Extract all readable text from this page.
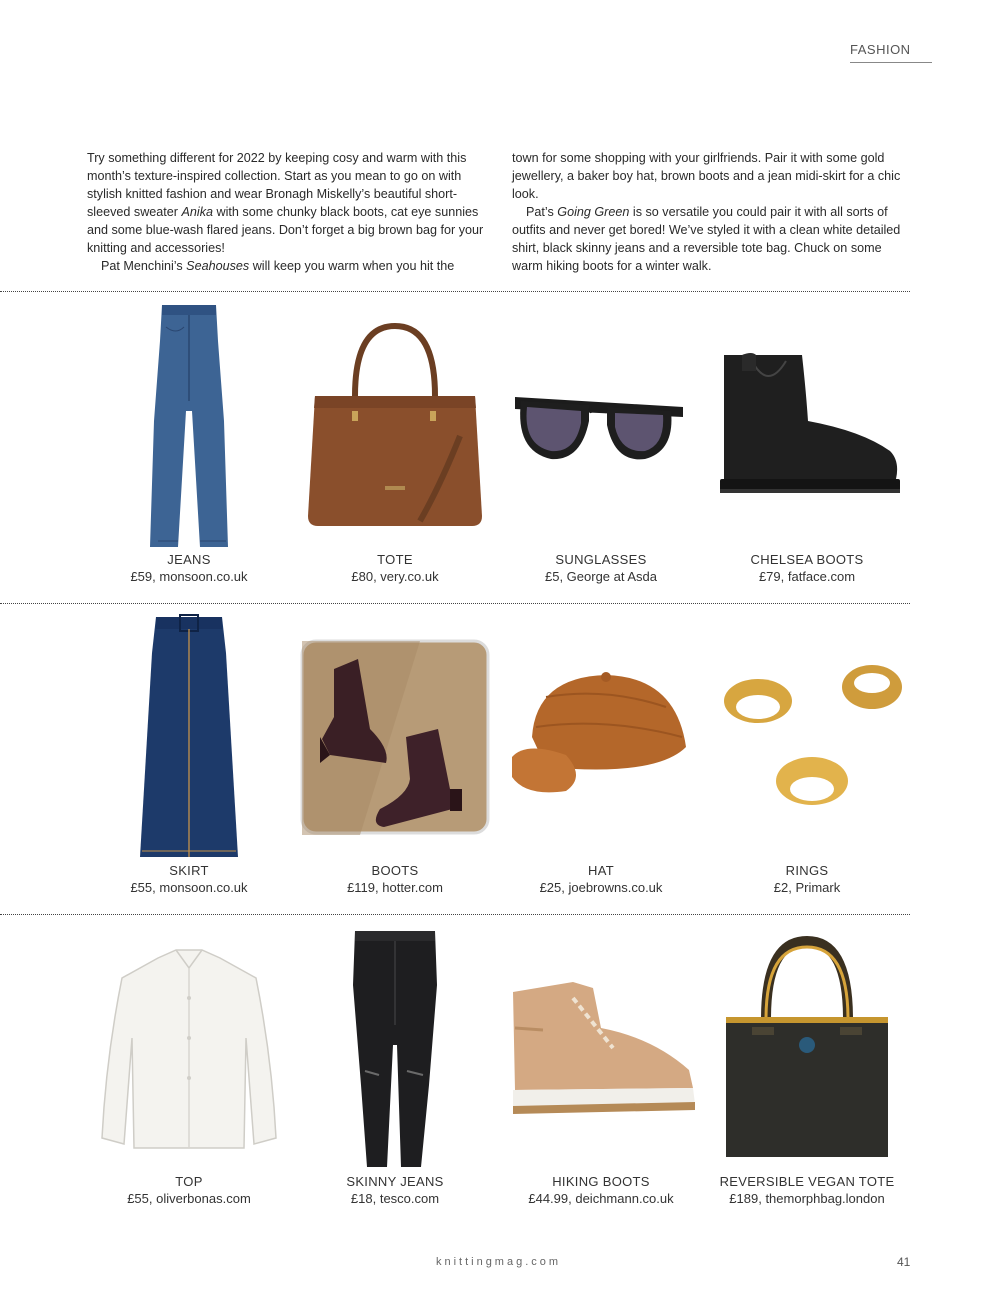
FASHION

Try something different for 2022 by keeping cosy and warm with this month’s texture-inspired collection. Start as you mean to go on with stylish knitted fashion and wear Bronagh Miskelly’s beautiful short-sleeved sweater Anika with some chunky black boots, cat eye sunnies and some blue-wash flared jeans. Don’t forget a big brown bag for your knitting and accessories!

Pat Menchini’s Seahouses will keep you warm when you hit the

town for some shopping with your girlfriends. Pair it with some gold jewellery, a baker boy hat, brown boots and a jean midi-skirt for a chic look.

Pat’s Going Green is so versatile you could pair it with all sorts of outfits and never get bored! We’ve styled it with a clean white detailed shirt, black skinny jeans and a reversible tote bag. Chuck on some warm hiking boots for a winter walk.

JEANS
£59, monsoon.co.uk
TOTE
£80, very.co.uk
SUNGLASSES
£5, George at Asda
CHELSEA BOOTS
£79, fatface.com
SKIRT
£55, monsoon.co.uk
BOOTS
£119, hotter.com
HAT
£25, joebrowns.co.uk
RINGS
£2, Primark
TOP
£55, oliverbonas.com
SKINNY JEANS
£18, tesco.com
HIKING BOOTS
£44.99, deichmann.co.uk
REVERSIBLE VEGAN TOTE
£189, themorphbag.london
knittingmag.com	41
